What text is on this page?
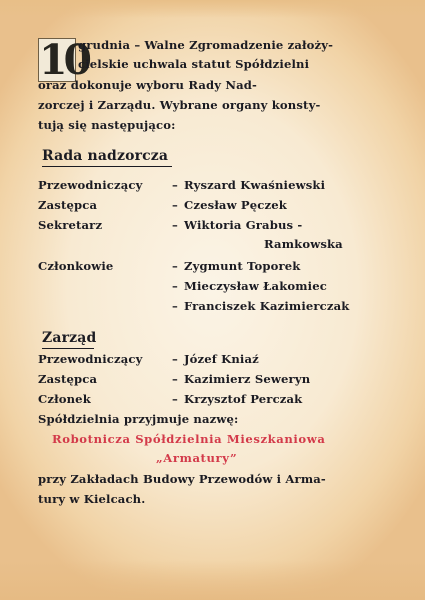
10
grudnia – Walne Zgromadzenie założy-
cielskie uchwala statut Spółdzielni
oraz dokonuje wyboru Rady Nad-
zorczej i Zarządu. Wybrane organy konsty-
tują się następująco:
Rada nadzorcza
Przewodniczący	– Ryszard Kwaśniewski
Zastępca	– Czesław Pęczek
Sekretarz	– Wiktoria Grabus -
Ramkowska
Członkowie	– Zygmunt Toporek
– Mieczysław Łakomiec
– Franciszek Kazimierczak
Zarząd
Przewodniczący	– Józef Kniaź
Zastępca	– Kazimierz Seweryn
Członek	– Krzysztof Perczak
Spółdzielnia przyjmuje nazwę:
Robotnicza Spółdzielnia Mieszkaniowa
„Armatury”
przy Zakładach Budowy Przewodów i Arma-
tury w Kielcach.
